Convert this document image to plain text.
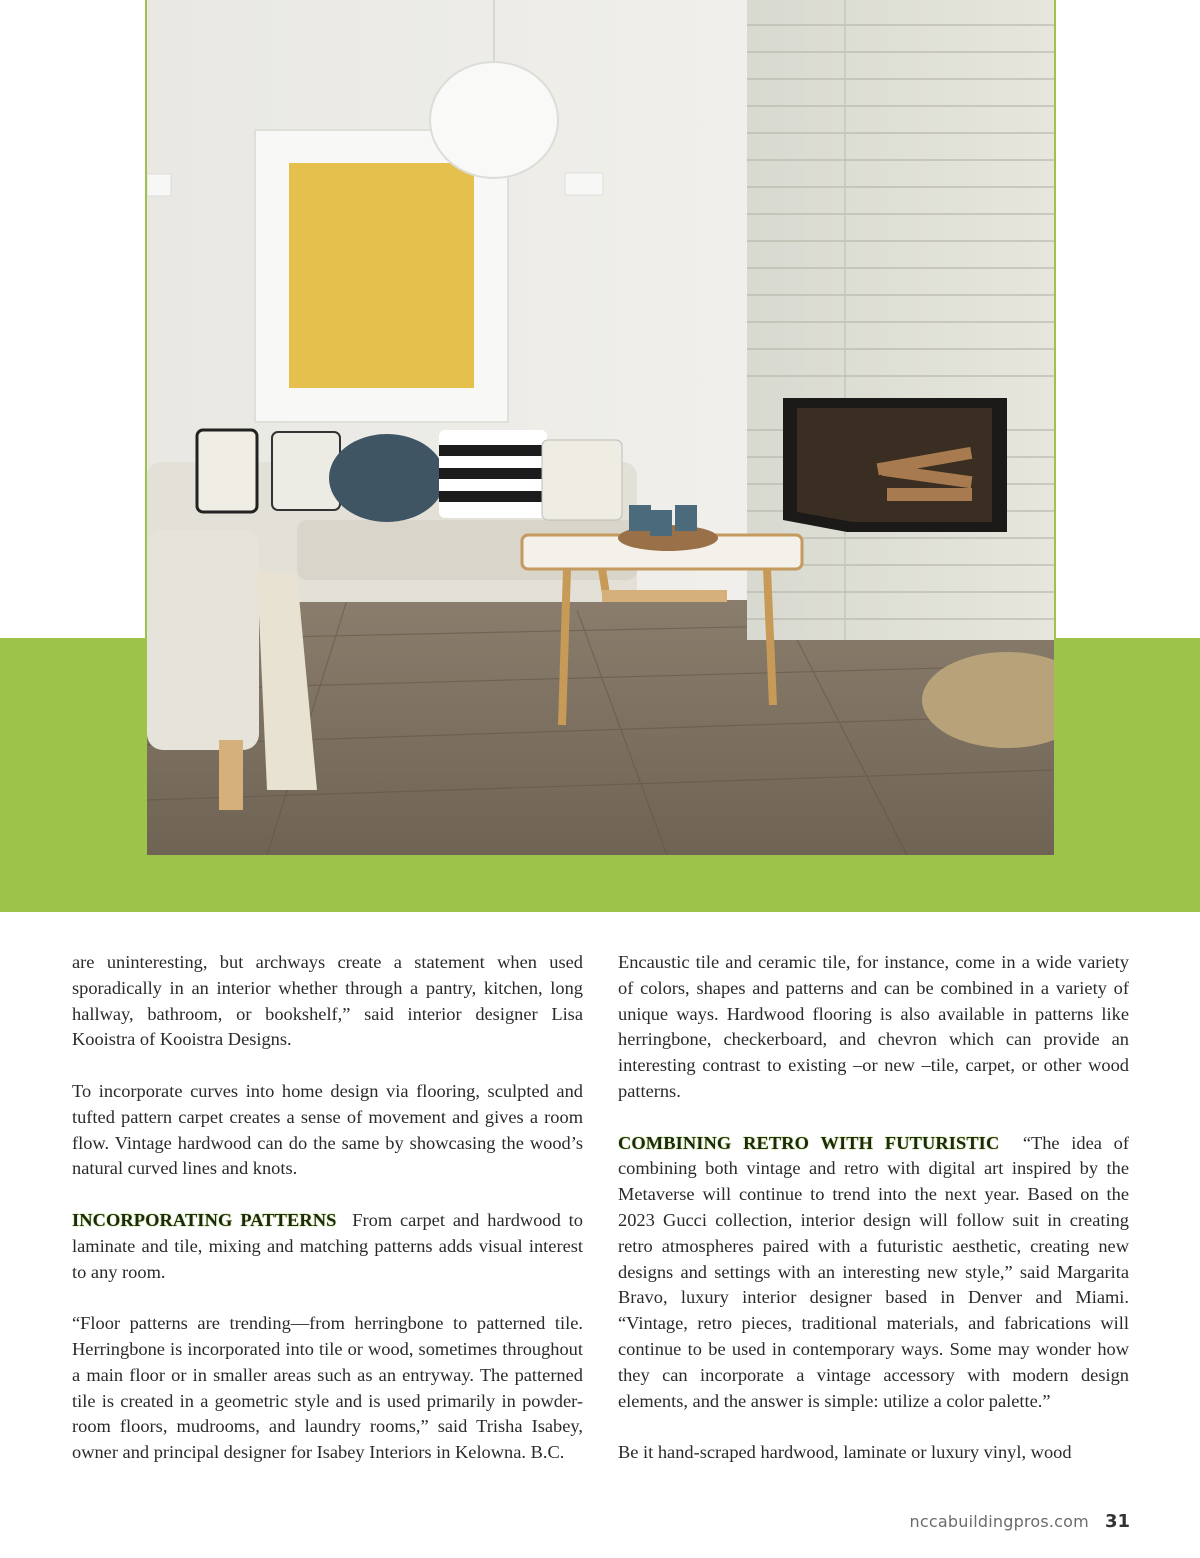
are uninteresting, but archways create a statement when used sporadically in an interior whether through a pantry, kitchen, long hallway, bathroom, or bookshelf,” said interior designer Lisa Kooistra of Kooistra Designs.

To incorporate curves into home design via flooring, sculpted and tufted pattern carpet creates a sense of movement and gives a room flow. Vintage hardwood can do the same by showcasing the wood’s natural curved lines and knots.

INCORPORATING PATTERNS From carpet and hardwood to laminate and tile, mixing and matching patterns adds visual interest to any room.

“Floor patterns are trending—from herringbone to patterned tile. Herringbone is incorporated into tile or wood, sometimes throughout a main floor or in smaller areas such as an entryway. The patterned tile is created in a geometric style and is used primarily in powder-room floors, mudrooms, and laundry rooms,” said Trisha Isabey, owner and principal designer for Isabey Interiors in Kelowna. B.C.

Encaustic tile and ceramic tile, for instance, come in a wide variety of colors, shapes and patterns and can be combined in a variety of unique ways. Hardwood flooring is also available in patterns like herringbone, checkerboard, and chevron which can provide an interesting contrast to existing –or new –tile, carpet, or other wood patterns.

COMBINING RETRO WITH FUTURISTIC “The idea of combining both vintage and retro with digital art inspired by the Metaverse will continue to trend into the next year. Based on the 2023 Gucci collection, interior design will follow suit in creating retro atmospheres paired with a futuristic aesthetic, creating new designs and settings with an interesting new style,” said Margarita Bravo, luxury interior designer based in Denver and Miami. “Vintage, retro pieces, traditional materials, and fabrications will continue to be used in contemporary ways. Some may wonder how they can incorporate a vintage accessory with modern design elements, and the answer is simple: utilize a color palette.”

Be it hand-scraped hardwood, laminate or luxury vinyl, wood

nccabuildingpros.com 31
